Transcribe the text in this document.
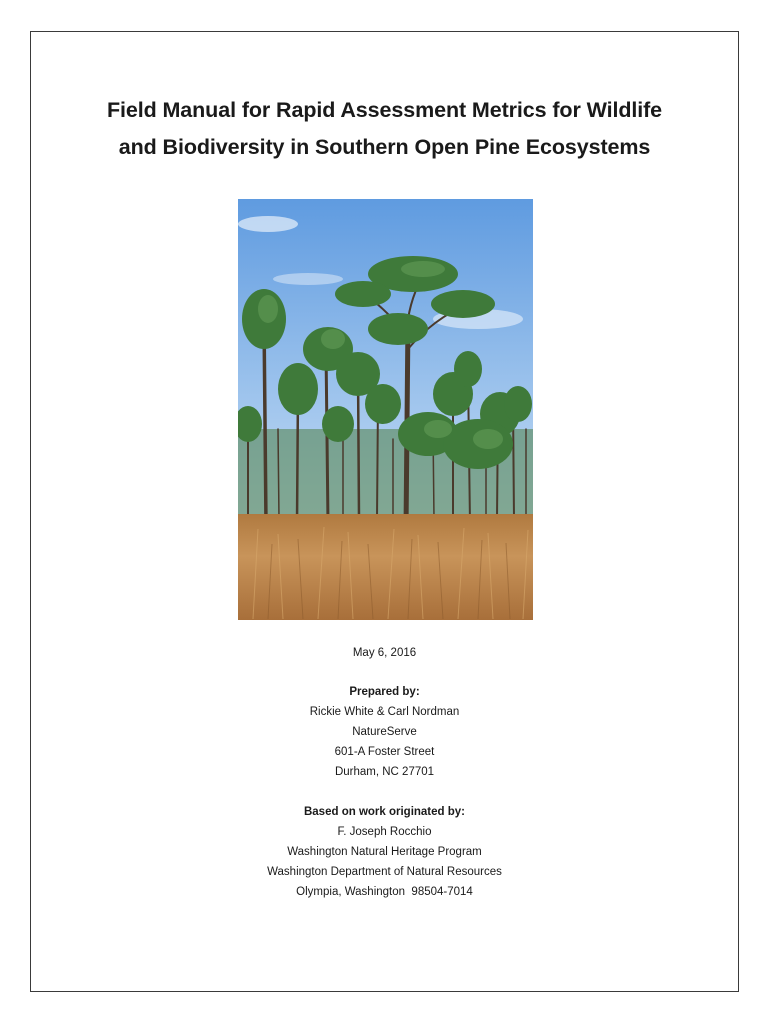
Field Manual for Rapid Assessment Metrics for Wildlife
and Biodiversity in Southern Open Pine Ecosystems
May 6, 2016
Prepared by:
Rickie White & Carl Nordman
NatureServe
601-A Foster Street
Durham, NC 27701
Based on work originated by:
F. Joseph Rocchio
Washington Natural Heritage Program
Washington Department of Natural Resources
Olympia, Washington  98504-7014
